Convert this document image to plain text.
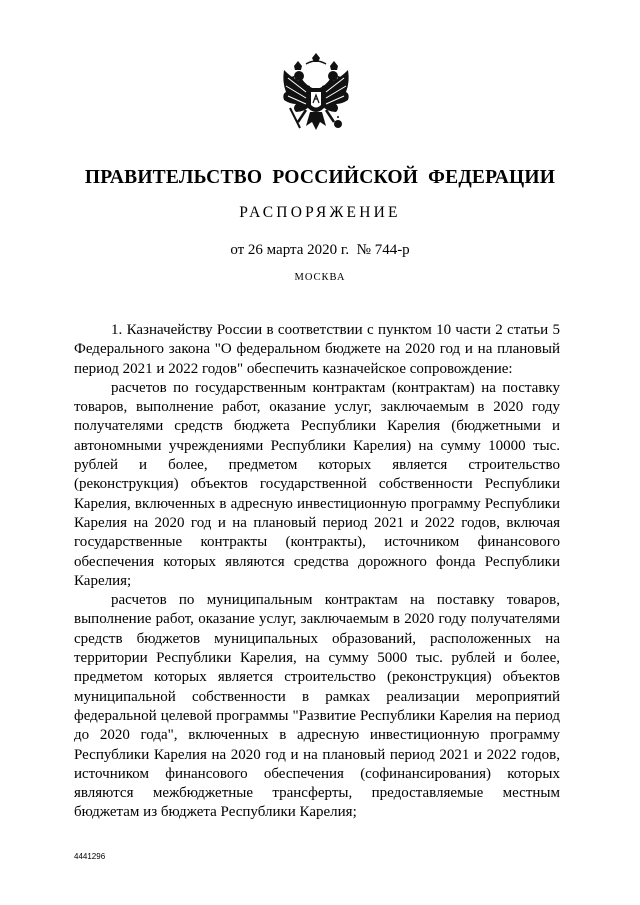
ПРАВИТЕЛЬСТВО РОССИЙСКОЙ ФЕДЕРАЦИИ
РАСПОРЯЖЕНИЕ
от 26 марта 2020 г.  № 744-р
МОСКВА

1. Казначейству России в соответствии с пунктом 10 части 2 статьи 5 Федерального закона "О федеральном бюджете на 2020 год и на плановый период 2021 и 2022 годов" обеспечить казначейское сопровождение:

расчетов по государственным контрактам (контрактам) на поставку товаров, выполнение работ, оказание услуг, заключаемым в 2020 году получателями средств бюджета Республики Карелия (бюджетными и автономными учреждениями Республики Карелия) на сумму 10000 тыс. рублей и более, предметом которых является строительство (реконструкция) объектов государственной собственности Республики Карелия, включенных в адресную инвестиционную программу Республики Карелия на 2020 год и на плановый период 2021 и 2022 годов, включая государственные контракты (контракты), источником финансового обеспечения которых являются средства дорожного фонда Республики Карелия;

расчетов по муниципальным контрактам на поставку товаров, выполнение работ, оказание услуг, заключаемым в 2020 году получателями средств бюджетов муниципальных образований, расположенных на территории Республики Карелия, на сумму 5000 тыс. рублей и более, предметом которых является строительство (реконструкция) объектов муниципальной собственности в рамках реализации мероприятий федеральной целевой программы "Развитие Республики Карелия на период до 2020 года", включенных в адресную инвестиционную программу Республики Карелия на 2020 год и на плановый период 2021 и 2022 годов, источником финансового обеспечения (софинансирования) которых являются межбюджетные трансферты, предоставляемые местным бюджетам из бюджета Республики Карелия;

4441296
